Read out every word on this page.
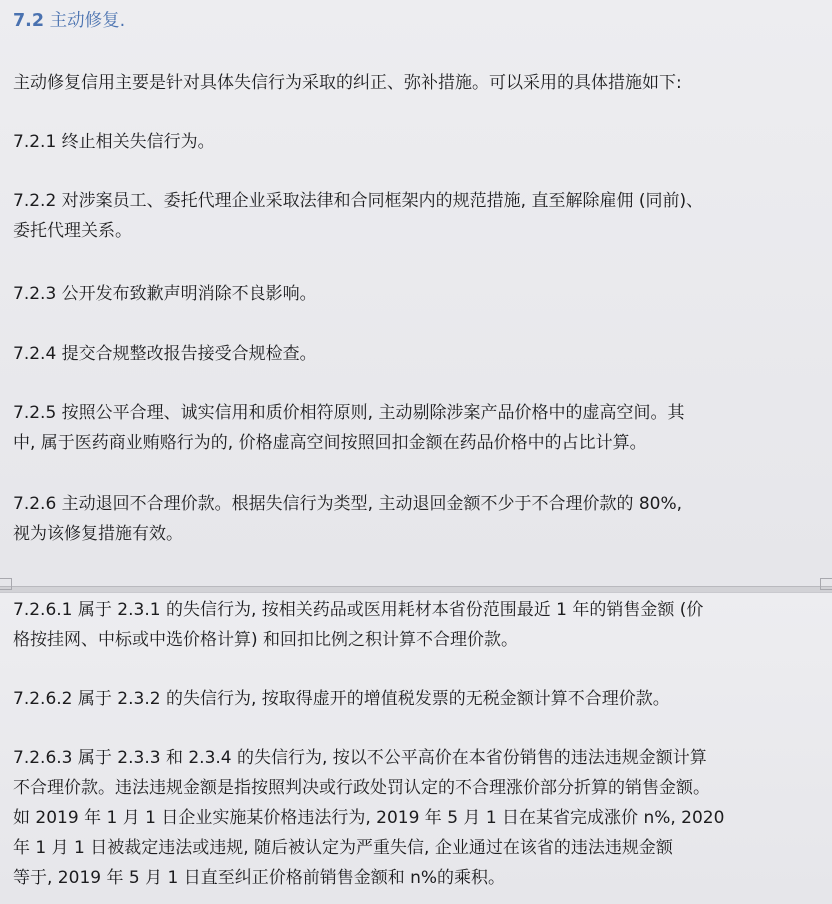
7.2 主动修复.
主动修复信用主要是针对具体失信行为采取的纠正、弥补措施。可以采用的具体措施如下:
7.2.1 终止相关失信行为。
7.2.2 对涉案员工、委托代理企业采取法律和合同框架内的规范措施, 直至解除雇佣 (同前)、
委托代理关系。
7.2.3 公开发布致歉声明消除不良影响。
7.2.4 提交合规整改报告接受合规检查。
7.2.5 按照公平合理、诚实信用和质价相符原则, 主动剔除涉案产品价格中的虚高空间。其
中, 属于医药商业贿赂行为的, 价格虚高空间按照回扣金额在药品价格中的占比计算。
7.2.6 主动退回不合理价款。根据失信行为类型, 主动退回金额不少于不合理价款的 80%,
视为该修复措施有效。
7.2.6.1 属于 2.3.1 的失信行为, 按相关药品或医用耗材本省份范围最近 1 年的销售金额 (价
格按挂网、中标或中选价格计算) 和回扣比例之积计算不合理价款。
7.2.6.2 属于 2.3.2 的失信行为, 按取得虚开的增值税发票的无税金额计算不合理价款。
7.2.6.3 属于 2.3.3 和 2.3.4 的失信行为, 按以不公平高价在本省份销售的违法违规金额计算
不合理价款。违法违规金额是指按照判决或行政处罚认定的不合理涨价部分折算的销售金额。
如 2019 年 1 月 1 日企业实施某价格违法行为, 2019 年 5 月 1 日在某省完成涨价 n%, 2020
年 1 月 1 日被裁定违法或违规, 随后被认定为严重失信, 企业通过在该省的违法违规金额
等于, 2019 年 5 月 1 日直至纠正价格前销售金额和 n%的乘积。
